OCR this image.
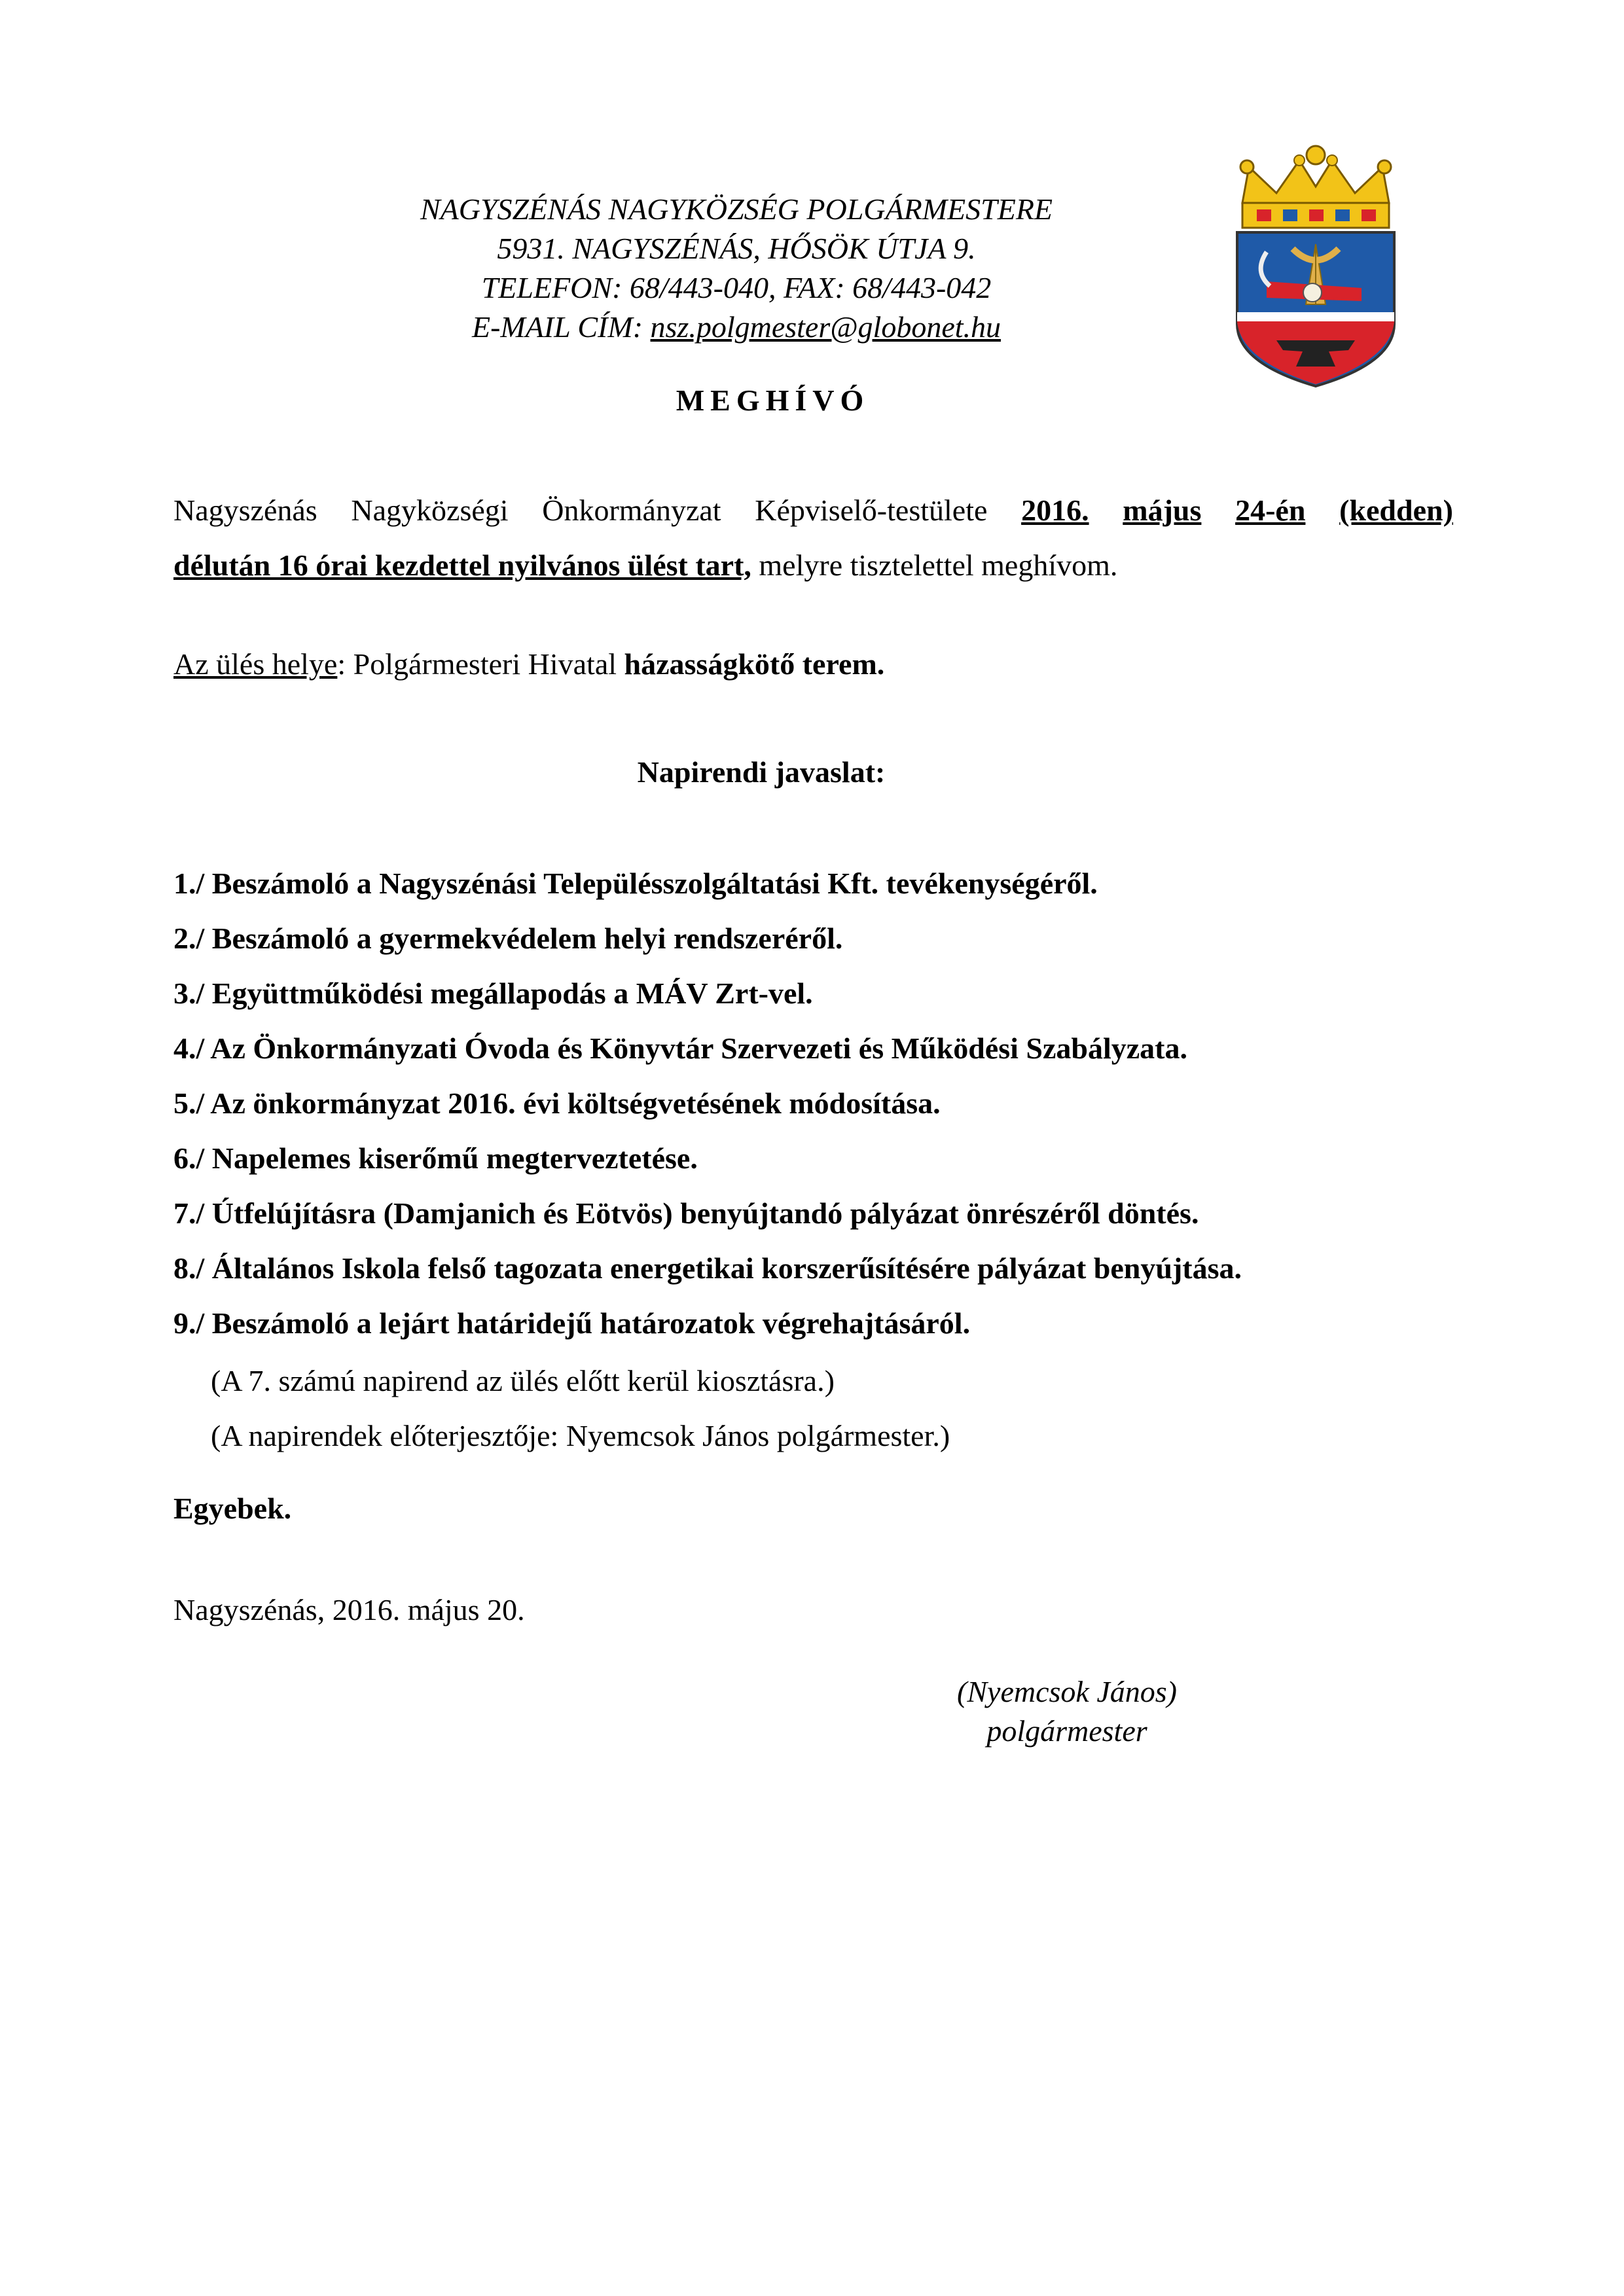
NAGYSZÉNÁS NAGYKÖZSÉG POLGÁRMESTERE
5931. NAGYSZÉNÁS, HŐSÖK ÚTJA 9.
TELEFON: 68/443-040, FAX: 68/443-042
E-MAIL CÍM: nsz.polgmester@globonet.hu
MEGHÍVÓ
Nagyszénás Nagyközségi Önkormányzat Képviselő-testülete 2016. május 24-én (kedden)
délután 16 órai kezdettel nyilvános ülést tart, melyre tisztelettel meghívom.
Az ülés helye: Polgármesteri Hivatal házasságkötő terem.
Napirendi javaslat:
1./ Beszámoló a Nagyszénási Településszolgáltatási Kft. tevékenységéről.
2./ Beszámoló a gyermekvédelem helyi rendszeréről.
3./ Együttműködési megállapodás a MÁV Zrt-vel.
4./ Az Önkormányzati Óvoda és Könyvtár Szervezeti és Működési Szabályzata.
5./ Az önkormányzat 2016. évi költségvetésének módosítása.
6./ Napelemes kiserőmű megterveztetése.
7./ Útfelújításra (Damjanich és Eötvös) benyújtandó pályázat önrészéről döntés.
8./ Általános Iskola felső tagozata energetikai korszerűsítésére pályázat benyújtása.
9./ Beszámoló a lejárt határidejű határozatok végrehajtásáról.
(A 7. számú napirend az ülés előtt kerül kiosztásra.)
(A napirendek előterjesztője: Nyemcsok János polgármester.)
Egyebek.
Nagyszénás, 2016. május 20.
(Nyemcsok János)
polgármester
